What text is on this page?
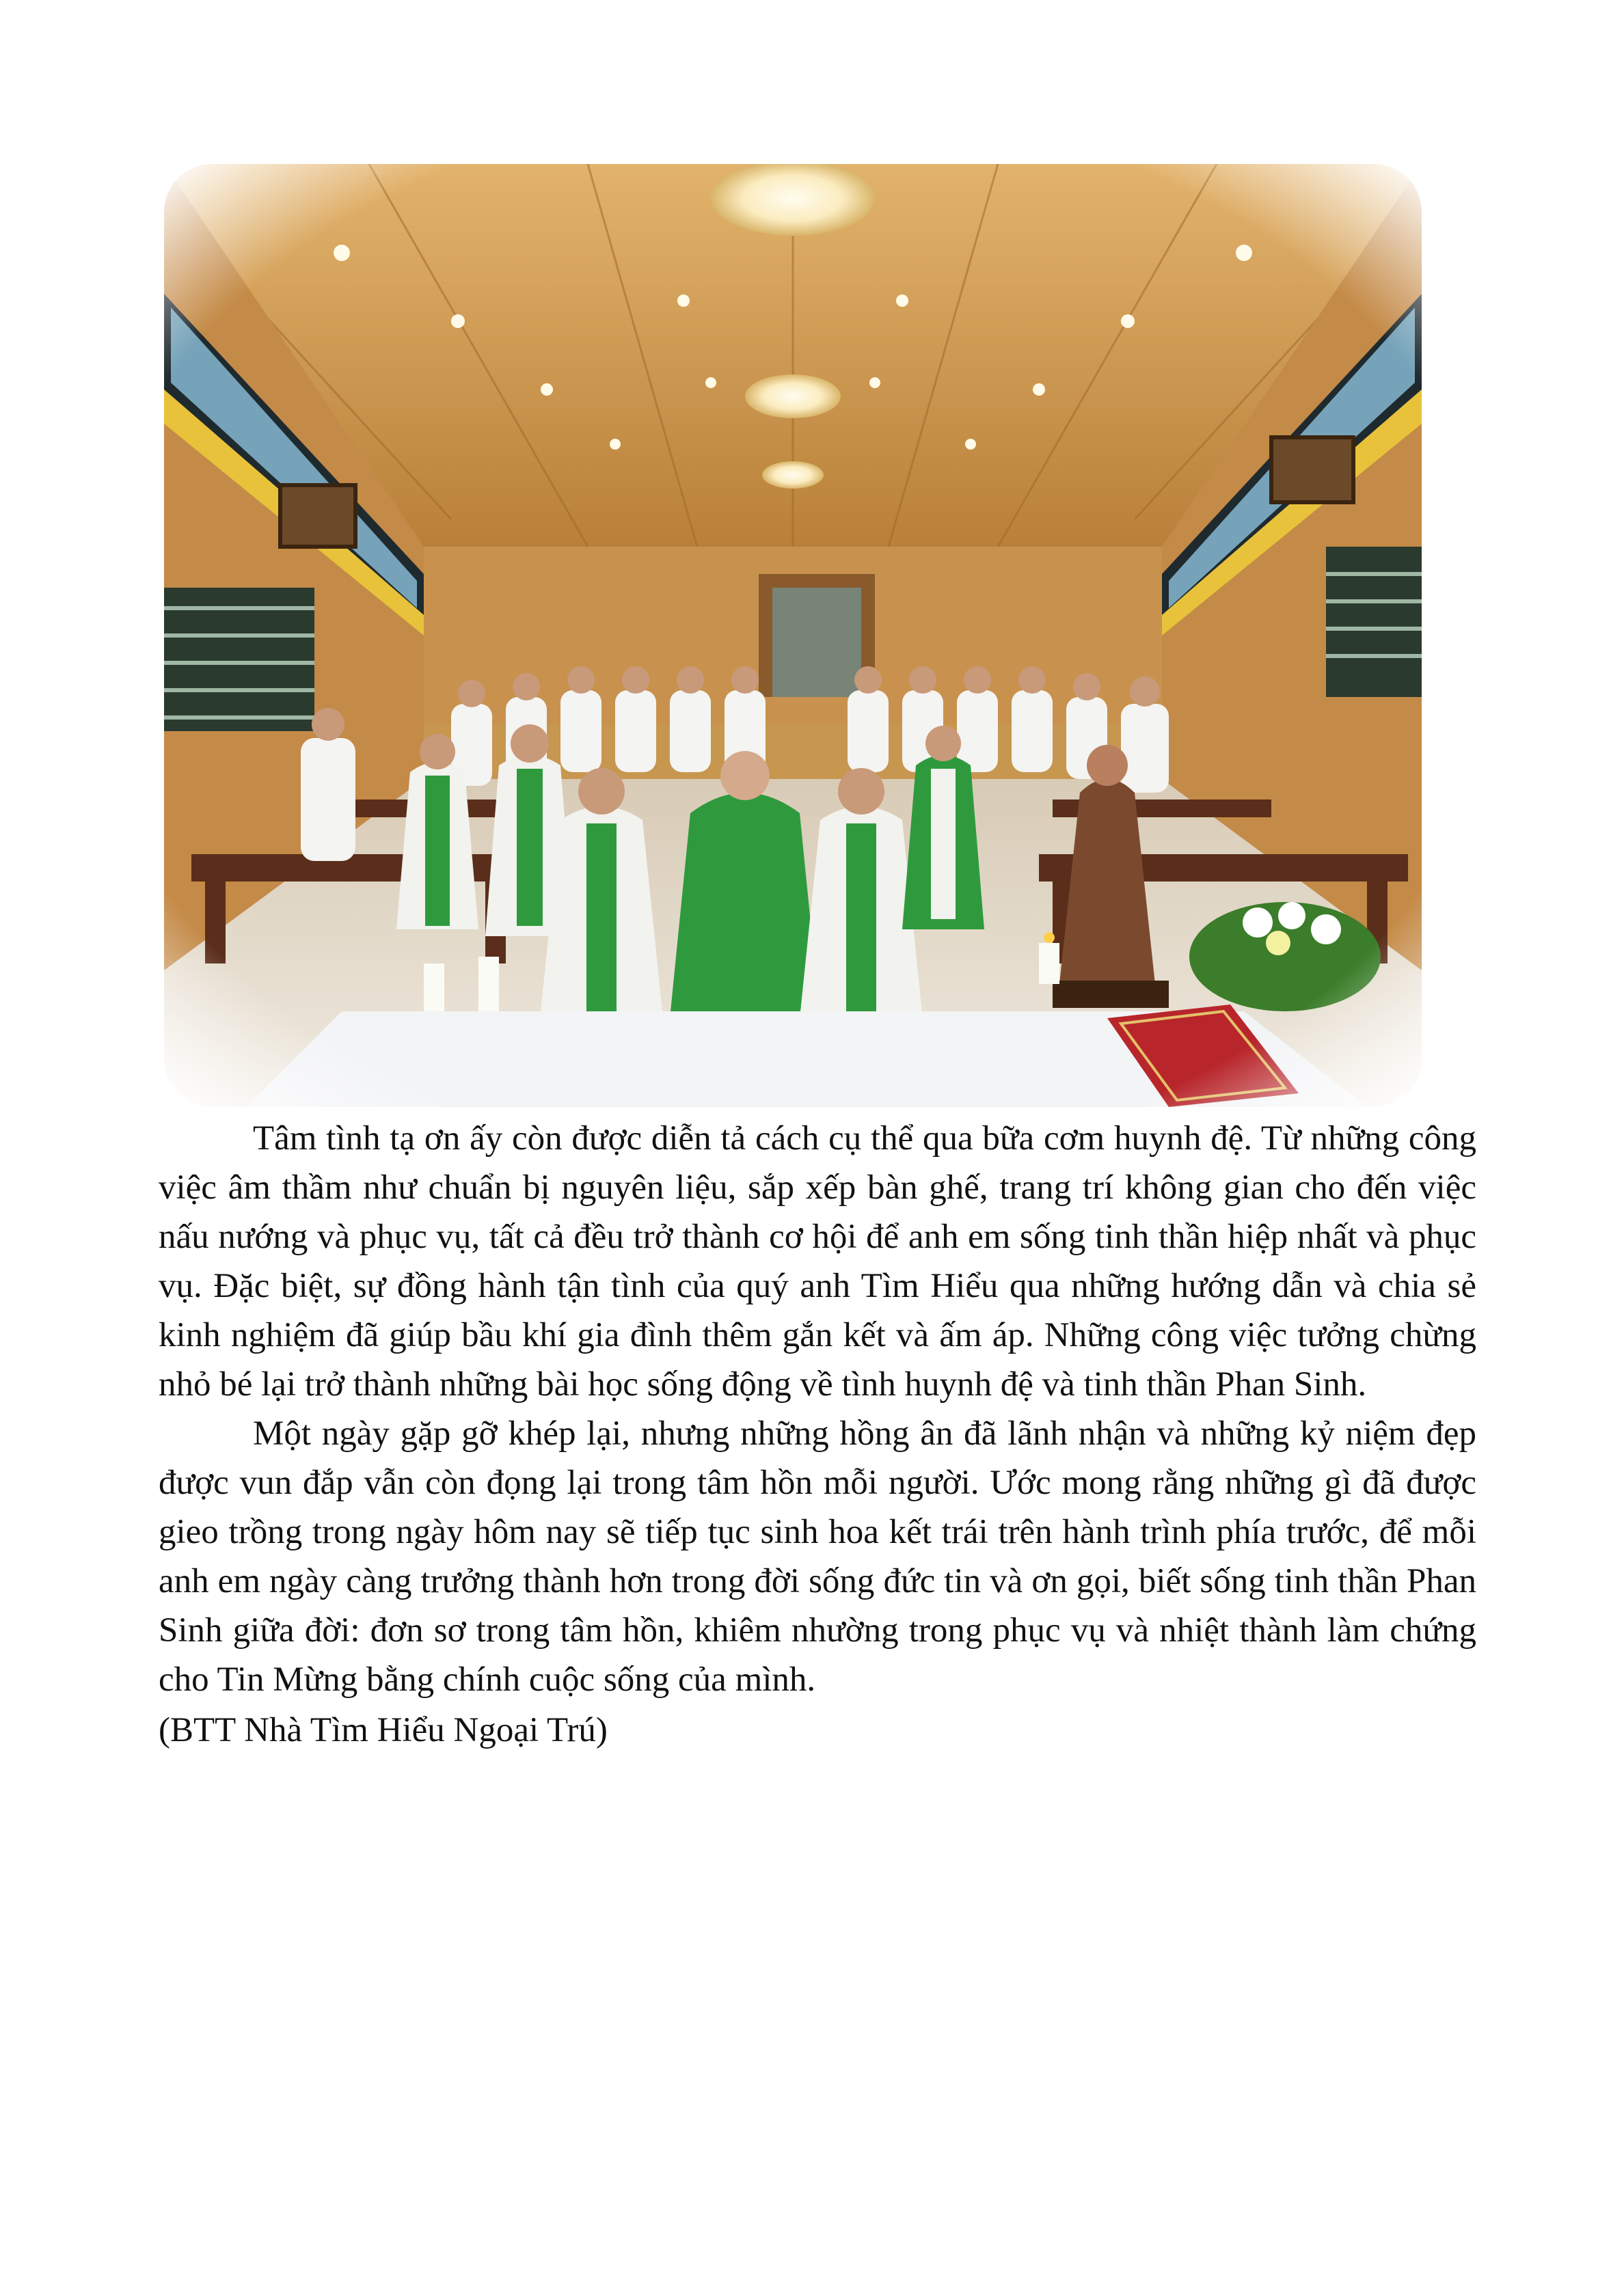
Tâm tình tạ ơn ấy còn được diễn tả cách cụ thể qua bữa cơm huynh đệ. Từ những công việc âm thầm như chuẩn bị nguyên liệu, sắp xếp bàn ghế, trang trí không gian cho đến việc nấu nướng và phục vụ, tất cả đều trở thành cơ hội để anh em sống tinh thần hiệp nhất và phục vụ. Đặc biệt, sự đồng hành tận tình của quý anh Tìm Hiểu qua những hướng dẫn và chia sẻ kinh nghiệm đã giúp bầu khí gia đình thêm gắn kết và ấm áp. Những công việc tưởng chừng nhỏ bé lại trở thành những bài học sống động về tình huynh đệ và tinh thần Phan Sinh.

Một ngày gặp gỡ khép lại, nhưng những hồng ân đã lãnh nhận và những kỷ niệm đẹp được vun đắp vẫn còn đọng lại trong tâm hồn mỗi người. Ước mong rằng những gì đã được gieo trồng trong ngày hôm nay sẽ tiếp tục sinh hoa kết trái trên hành trình phía trước, để mỗi anh em ngày càng trưởng thành hơn trong đời sống đức tin và ơn gọi, biết sống tinh thần Phan Sinh giữa đời: đơn sơ trong tâm hồn, khiêm nhường trong phục vụ và nhiệt thành làm chứng cho Tin Mừng bằng chính cuộc sống của mình.

(BTT Nhà Tìm Hiểu Ngoại Trú)
